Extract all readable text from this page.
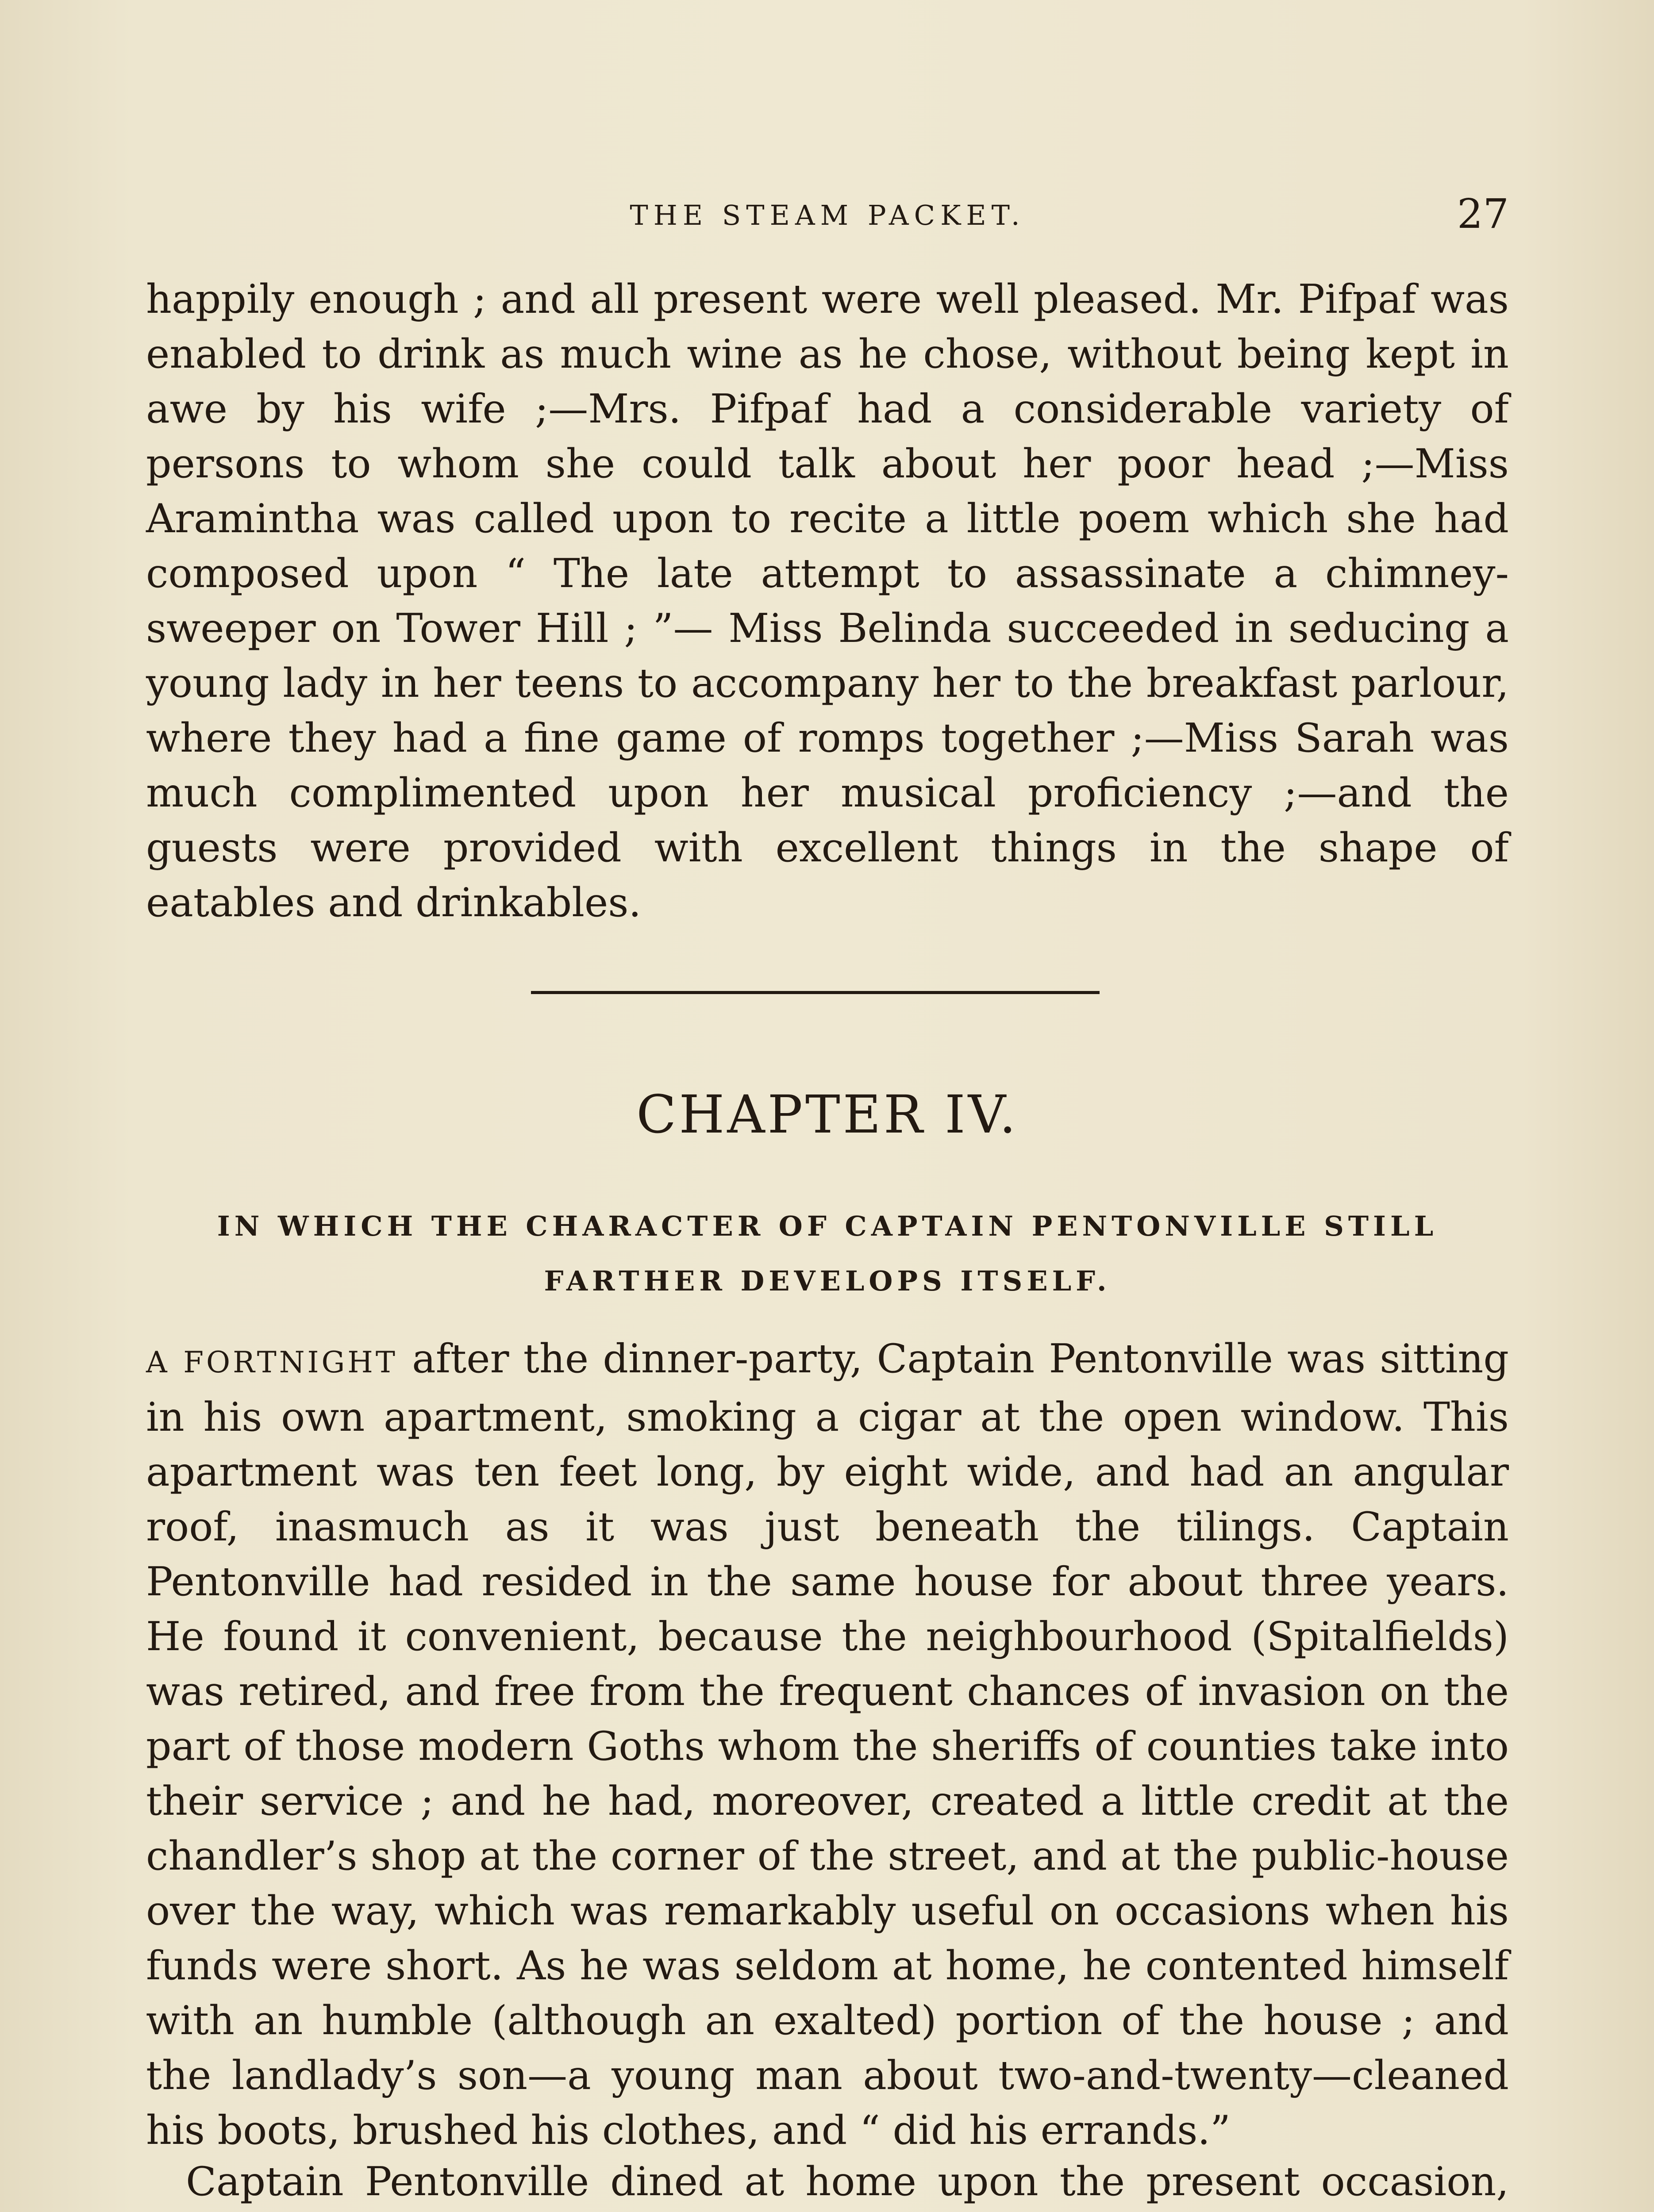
THE STEAM PACKET.	27

happily enough ; and all present were well pleased. Mr. Pifpaf was enabled to drink as much wine as he chose, without being kept in awe by his wife ;—Mrs. Pifpaf had a considerable variety of persons to whom she could talk about her poor head ;—Miss Aramintha was called upon to recite a little poem which she had composed upon “ The late attempt to assassinate a chimney-sweeper on Tower Hill ; ”— Miss Belinda succeeded in seducing a young lady in her teens to accompany her to the breakfast parlour, where they had a fine game of romps together ;—Miss Sarah was much complimented upon her musical proficiency ;—and the guests were provided with excellent things in the shape of eatables and drinkables.

CHAPTER IV.

IN WHICH THE CHARACTER OF CAPTAIN PENTONVILLE STILL FARTHER DEVELOPS ITSELF.

A FORTNIGHT after the dinner-party, Captain Pentonville was sitting in his own apartment, smoking a cigar at the open window. This apartment was ten feet long, by eight wide, and had an angular roof, inasmuch as it was just beneath the tilings. Captain Pentonville had resided in the same house for about three years. He found it convenient, because the neighbourhood (Spitalfields) was retired, and free from the frequent chances of invasion on the part of those modern Goths whom the sheriffs of counties take into their service ; and he had, moreover, created a little credit at the chandler’s shop at the corner of the street, and at the public-house over the way, which was remarkably useful on occasions when his funds were short. As he was seldom at home, he contented himself with an humble (although an exalted) portion of the house ; and the landlady’s son—a young man about two-and-twenty—cleaned his boots, brushed his clothes, and “ did his errands.”

Captain Pentonville dined at home upon the present occasion,
